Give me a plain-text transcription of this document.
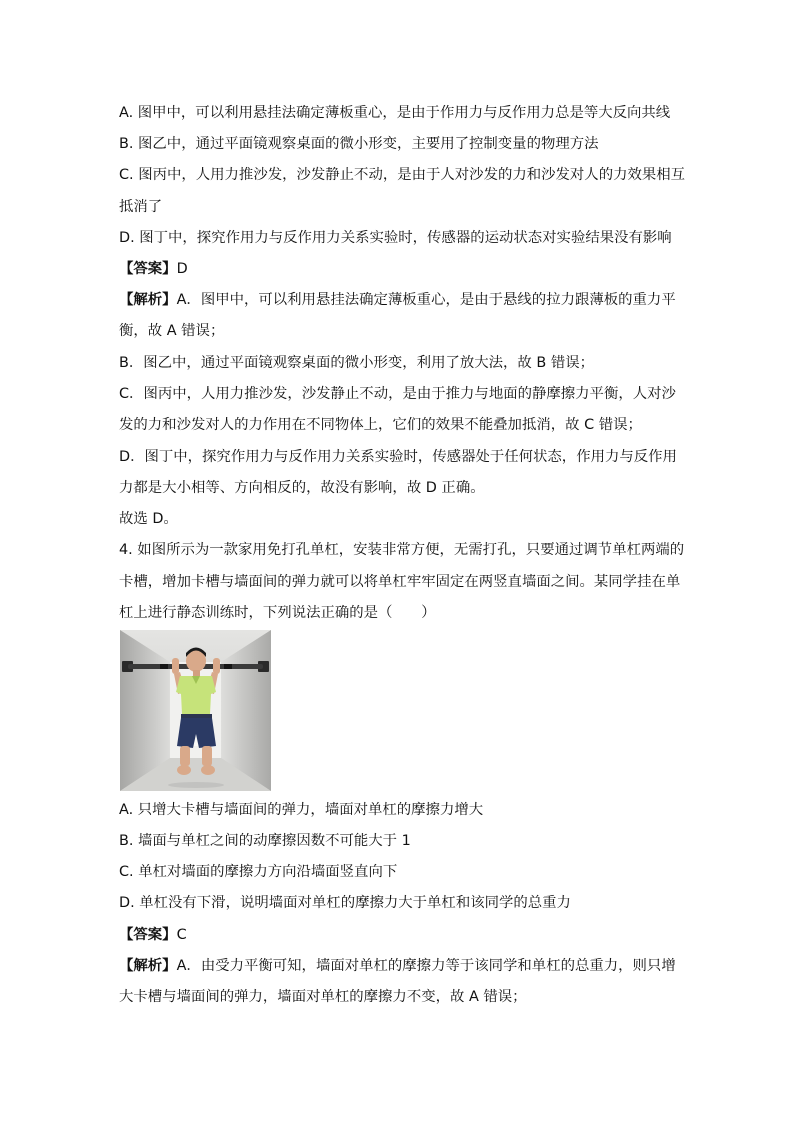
A. 图甲中，可以利用悬挂法确定薄板重心，是由于作用力与反作用力总是等大反向共线
B. 图乙中，通过平面镜观察桌面的微小形变，主要用了控制变量的物理方法
C. 图丙中，人用力推沙发，沙发静止不动，是由于人对沙发的力和沙发对人的力效果相互
抵消了
D. 图丁中，探究作用力与反作用力关系实验时，传感器的运动状态对实验结果没有影响
【答案】D
【解析】A．图甲中，可以利用悬挂法确定薄板重心，是由于悬线的拉力跟薄板的重力平
衡，故 A 错误；
B．图乙中，通过平面镜观察桌面的微小形变，利用了放大法，故 B 错误；
C．图丙中，人用力推沙发，沙发静止不动，是由于推力与地面的静摩擦力平衡，人对沙
发的力和沙发对人的力作用在不同物体上，它们的效果不能叠加抵消，故 C 错误；
D．图丁中，探究作用力与反作用力关系实验时，传感器处于任何状态，作用力与反作用
力都是大小相等、方向相反的，故没有影响，故 D 正确。
故选 D。
4. 如图所示为一款家用免打孔单杠，安装非常方便，无需打孔，只要通过调节单杠两端的
卡槽，增加卡槽与墙面间的弹力就可以将单杠牢牢固定在两竖直墙面之间。某同学挂在单
杠上进行静态训练时，下列说法正确的是（　　）
A. 只增大卡槽与墙面间的弹力，墙面对单杠的摩擦力增大
B. 墙面与单杠之间的动摩擦因数不可能大于 1
C. 单杠对墙面的摩擦力方向沿墙面竖直向下
D. 单杠没有下滑，说明墙面对单杠的摩擦力大于单杠和该同学的总重力
【答案】C
【解析】A．由受力平衡可知，墙面对单杠的摩擦力等于该同学和单杠的总重力，则只增
大卡槽与墙面间的弹力，墙面对单杠的摩擦力不变，故 A 错误；
